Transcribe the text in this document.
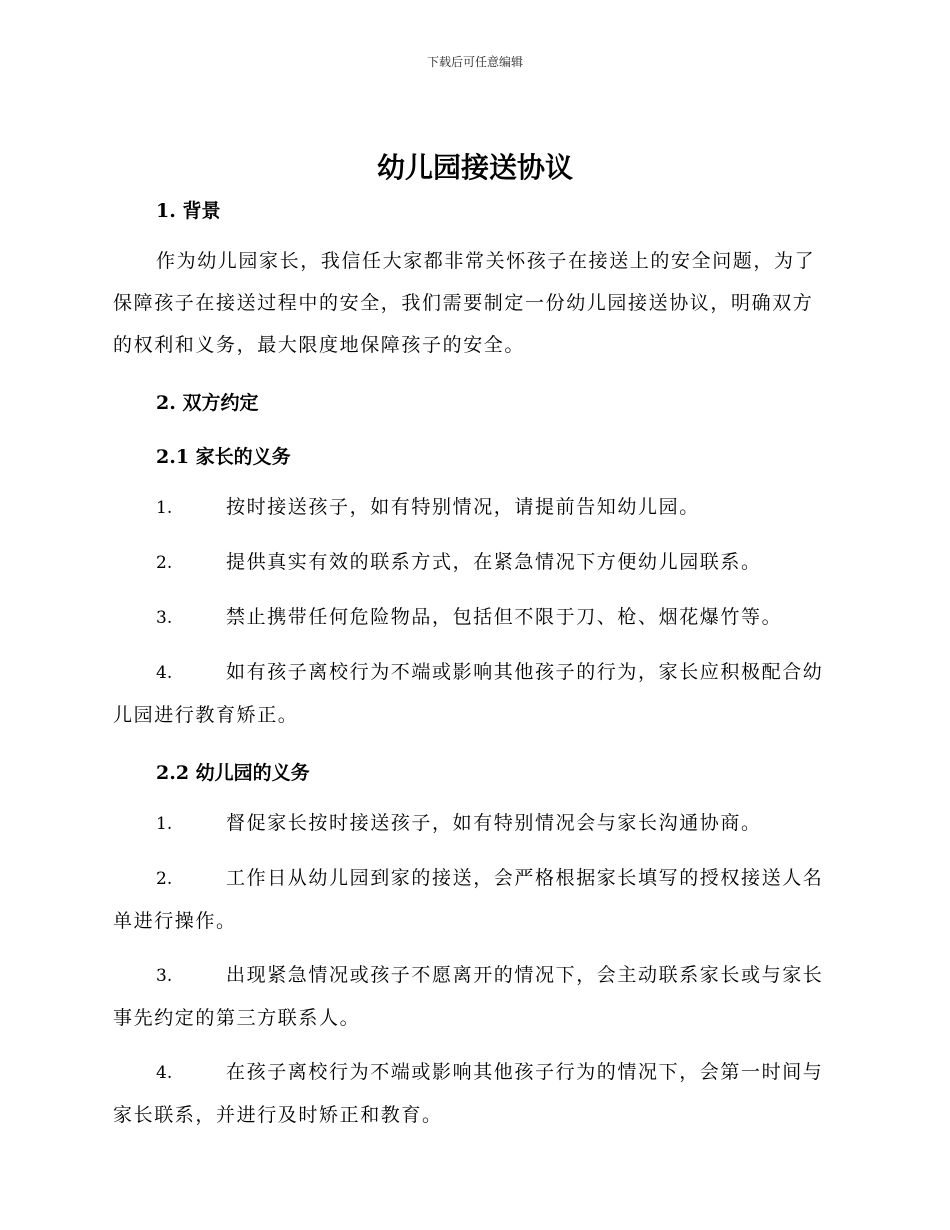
下载后可任意编辑
幼儿园接送协议
1. 背景

作为幼儿园家长，我信任大家都非常关怀孩子在接送上的安全问题，为了保障孩子在接送过程中的安全，我们需要制定一份幼儿园接送协议，明确双方的权利和义务，最大限度地保障孩子的安全。

2. 双方约定
2.1 家长的义务

1.	按时接送孩子，如有特别情况，请提前告知幼儿园。

2.	提供真实有效的联系方式，在紧急情况下方便幼儿园联系。

3.	禁止携带任何危险物品，包括但不限于刀、枪、烟花爆竹等。

4.	如有孩子离校行为不端或影响其他孩子的行为，家长应积极配合幼儿园进行教育矫正。

2.2 幼儿园的义务

1.	督促家长按时接送孩子，如有特别情况会与家长沟通协商。

2.	工作日从幼儿园到家的接送，会严格根据家长填写的授权接送人名单进行操作。

3.	出现紧急情况或孩子不愿离开的情况下，会主动联系家长或与家长事先约定的第三方联系人。

4.	在孩子离校行为不端或影响其他孩子行为的情况下，会第一时间与家长联系，并进行及时矫正和教育。
